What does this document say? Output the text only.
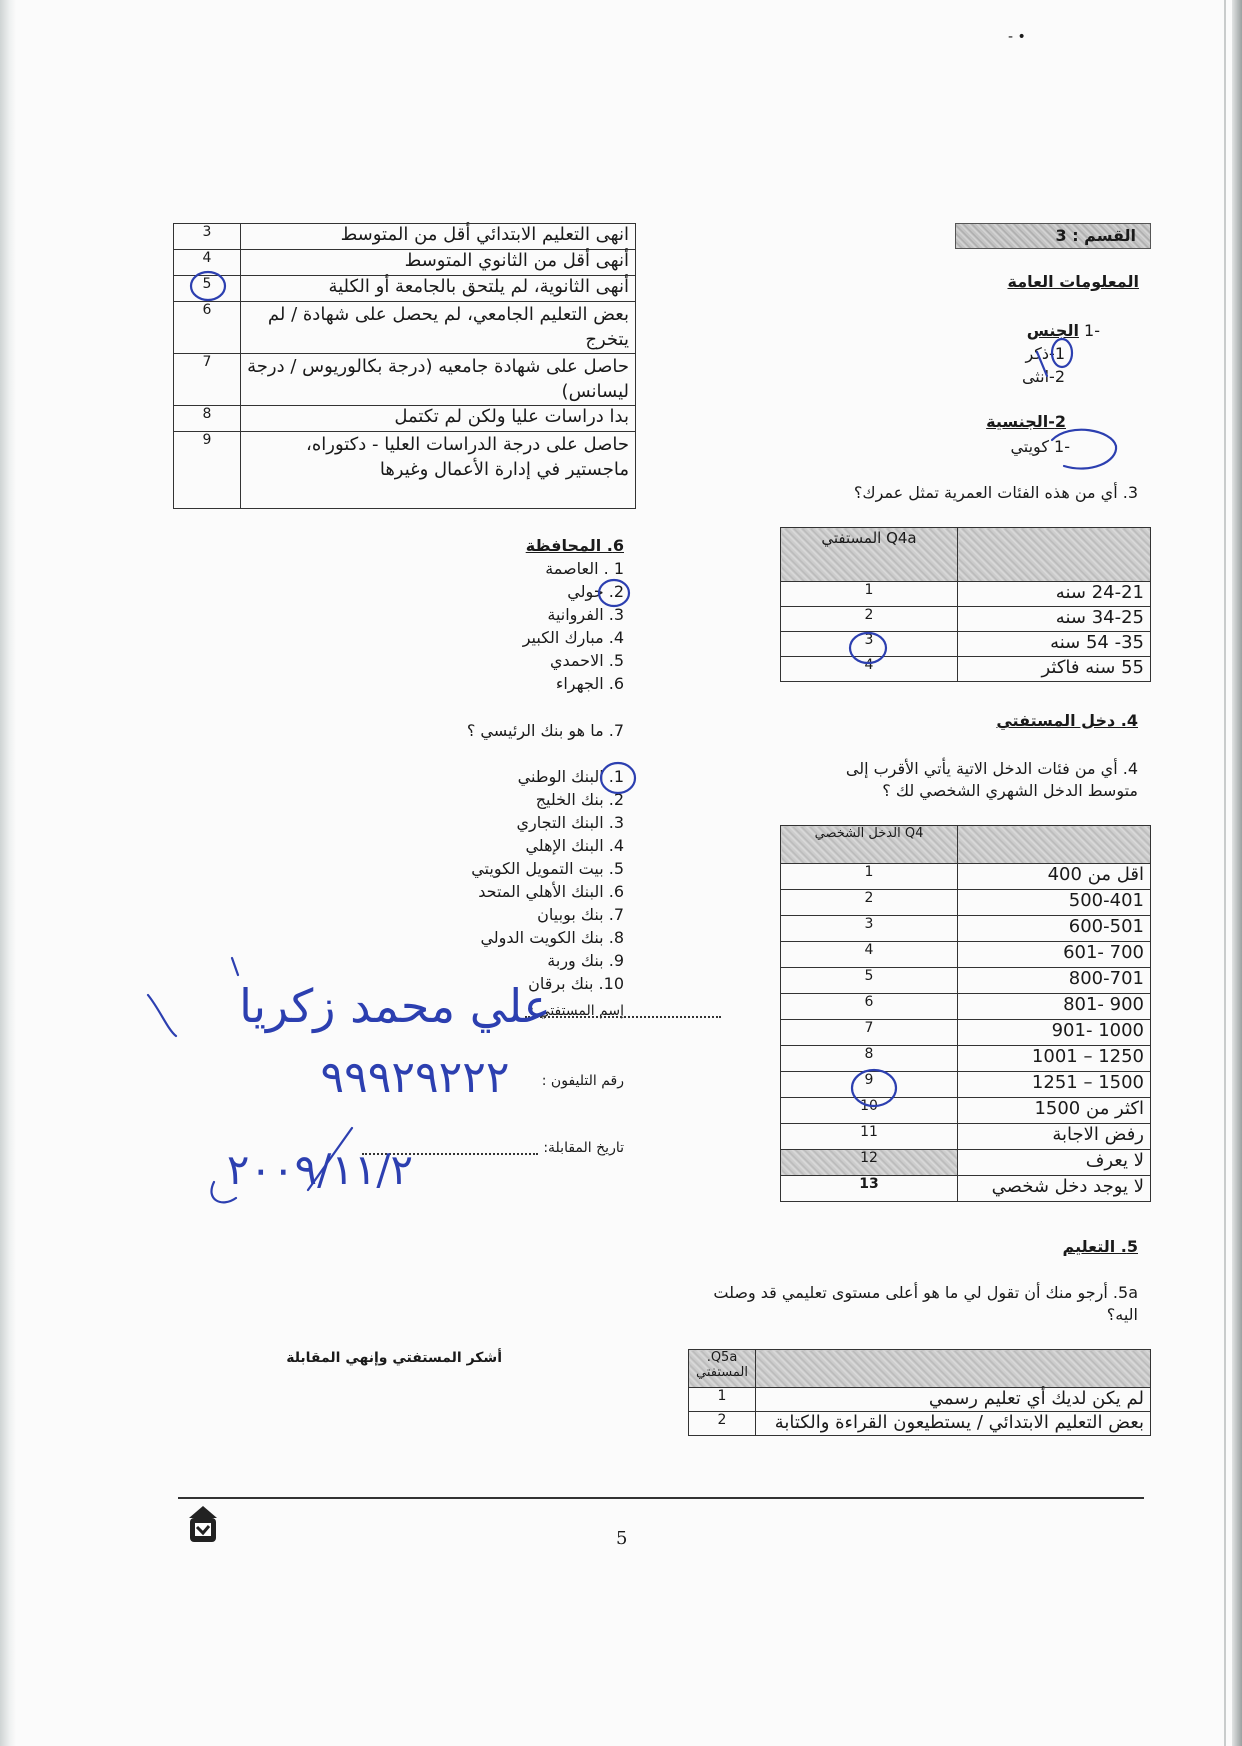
- •
القسم : 3
المعلومات العامة
-1 الجنس
1-ذكر
2-انثى
2-الجنسية
-1 كويتي
3. أي من هذه الفئات العمرية تمثل عمرك؟
	Q4a المستفتي
24-21 سنه	1
34-25 سنه	2
35- 54 سنه	3
55 سنه فاكثر	4
4. دخل المستفتي
4. أي من فئات الدخل الاتية يأتي الأقرب إلى
متوسط الدخل الشهري الشخصي لك ؟
	Q4 الدخل الشخصي
اقل من 400	1
500-401	2
600-501	3
700 -601	4
800-701	5
900 -801	6
1000 -901	7
1250 – 1001	8
1500 – 1251	9
اكثر من 1500	10
رفض الاجابة	11
لا يعرف	12
لا يوجد دخل شخصي	13
5. التعليم
5a. أرجو منك أن تقول لي ما هو أعلى مستوى تعليمي قد وصلت
اليه؟
	Q5a. المستفتي
لم يكن لديك أي تعليم رسمي	1
بعض التعليم الابتدائي / يستطيعون القراءة والكتابة	2
انهى التعليم الابتدائي أقل من المتوسط	3
أنهى أقل من الثانوي المتوسط	4
أنهى الثانوية، لم يلتحق بالجامعة أو الكلية	5
بعض التعليم الجامعي، لم يحصل على شهادة / لم يتخرج	6
حاصل على شهادة جامعيه (درجة بكالوريوس / درجة ليسانس)	7
بدا دراسات عليا ولكن لم تكتمل	8
حاصل على درجة الدراسات العليا - دكتوراه، ماجستير في إدارة الأعمال وغيرها	9
6. المحافظة
1 . العاصمة
2. حولي
3. الفروانية
4. مبارك الكبير
5. الاحمدي
6. الجهراء
7. ما هو بنك الرئيسي ؟
1. البنك الوطني
2. بنك الخليج
3. البنك التجاري
4. البنك الإهلي
5. بيت التمويل الكويتي
6. البنك الأهلي المتحد
7. بنك بوبيان
8. بنك الكويت الدولي
9. بنك وربة
10. بنك برقان
إسم المستفتي :
رقم التليفون :
تاريخ المقابلة:
أشكر المستفتي وإنهي المقابلة
5
علي محمد زكريا
٩٩٩٢٩٢٢٢
٢٠٠٩/١١/٢
